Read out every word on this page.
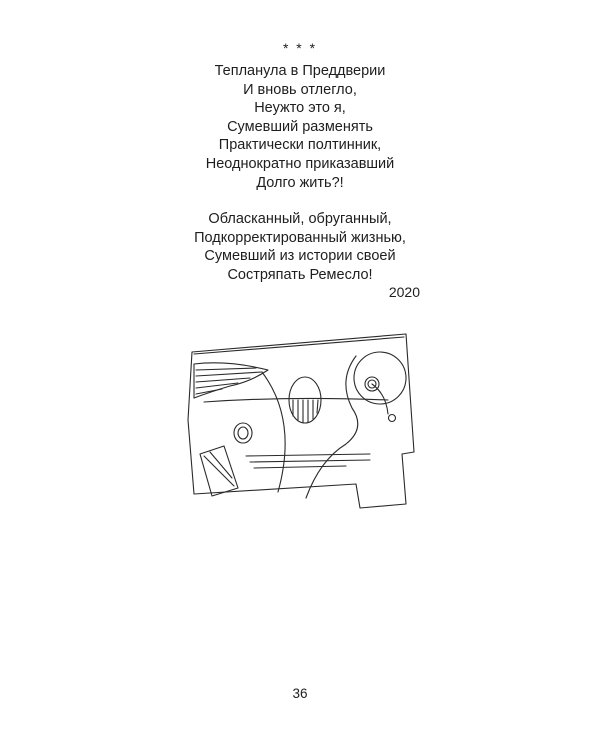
* * *
Тепланула в Преддверии
И вновь отлегло,
Неужто это я,
Сумевший разменять
Практически полтинник,
Неоднократно приказавший
Долго жить?!
Обласканный, обруганный,
Подкорректированный жизнью,
Сумевший из истории своей
Состряпать Ремесло!
2020
36
